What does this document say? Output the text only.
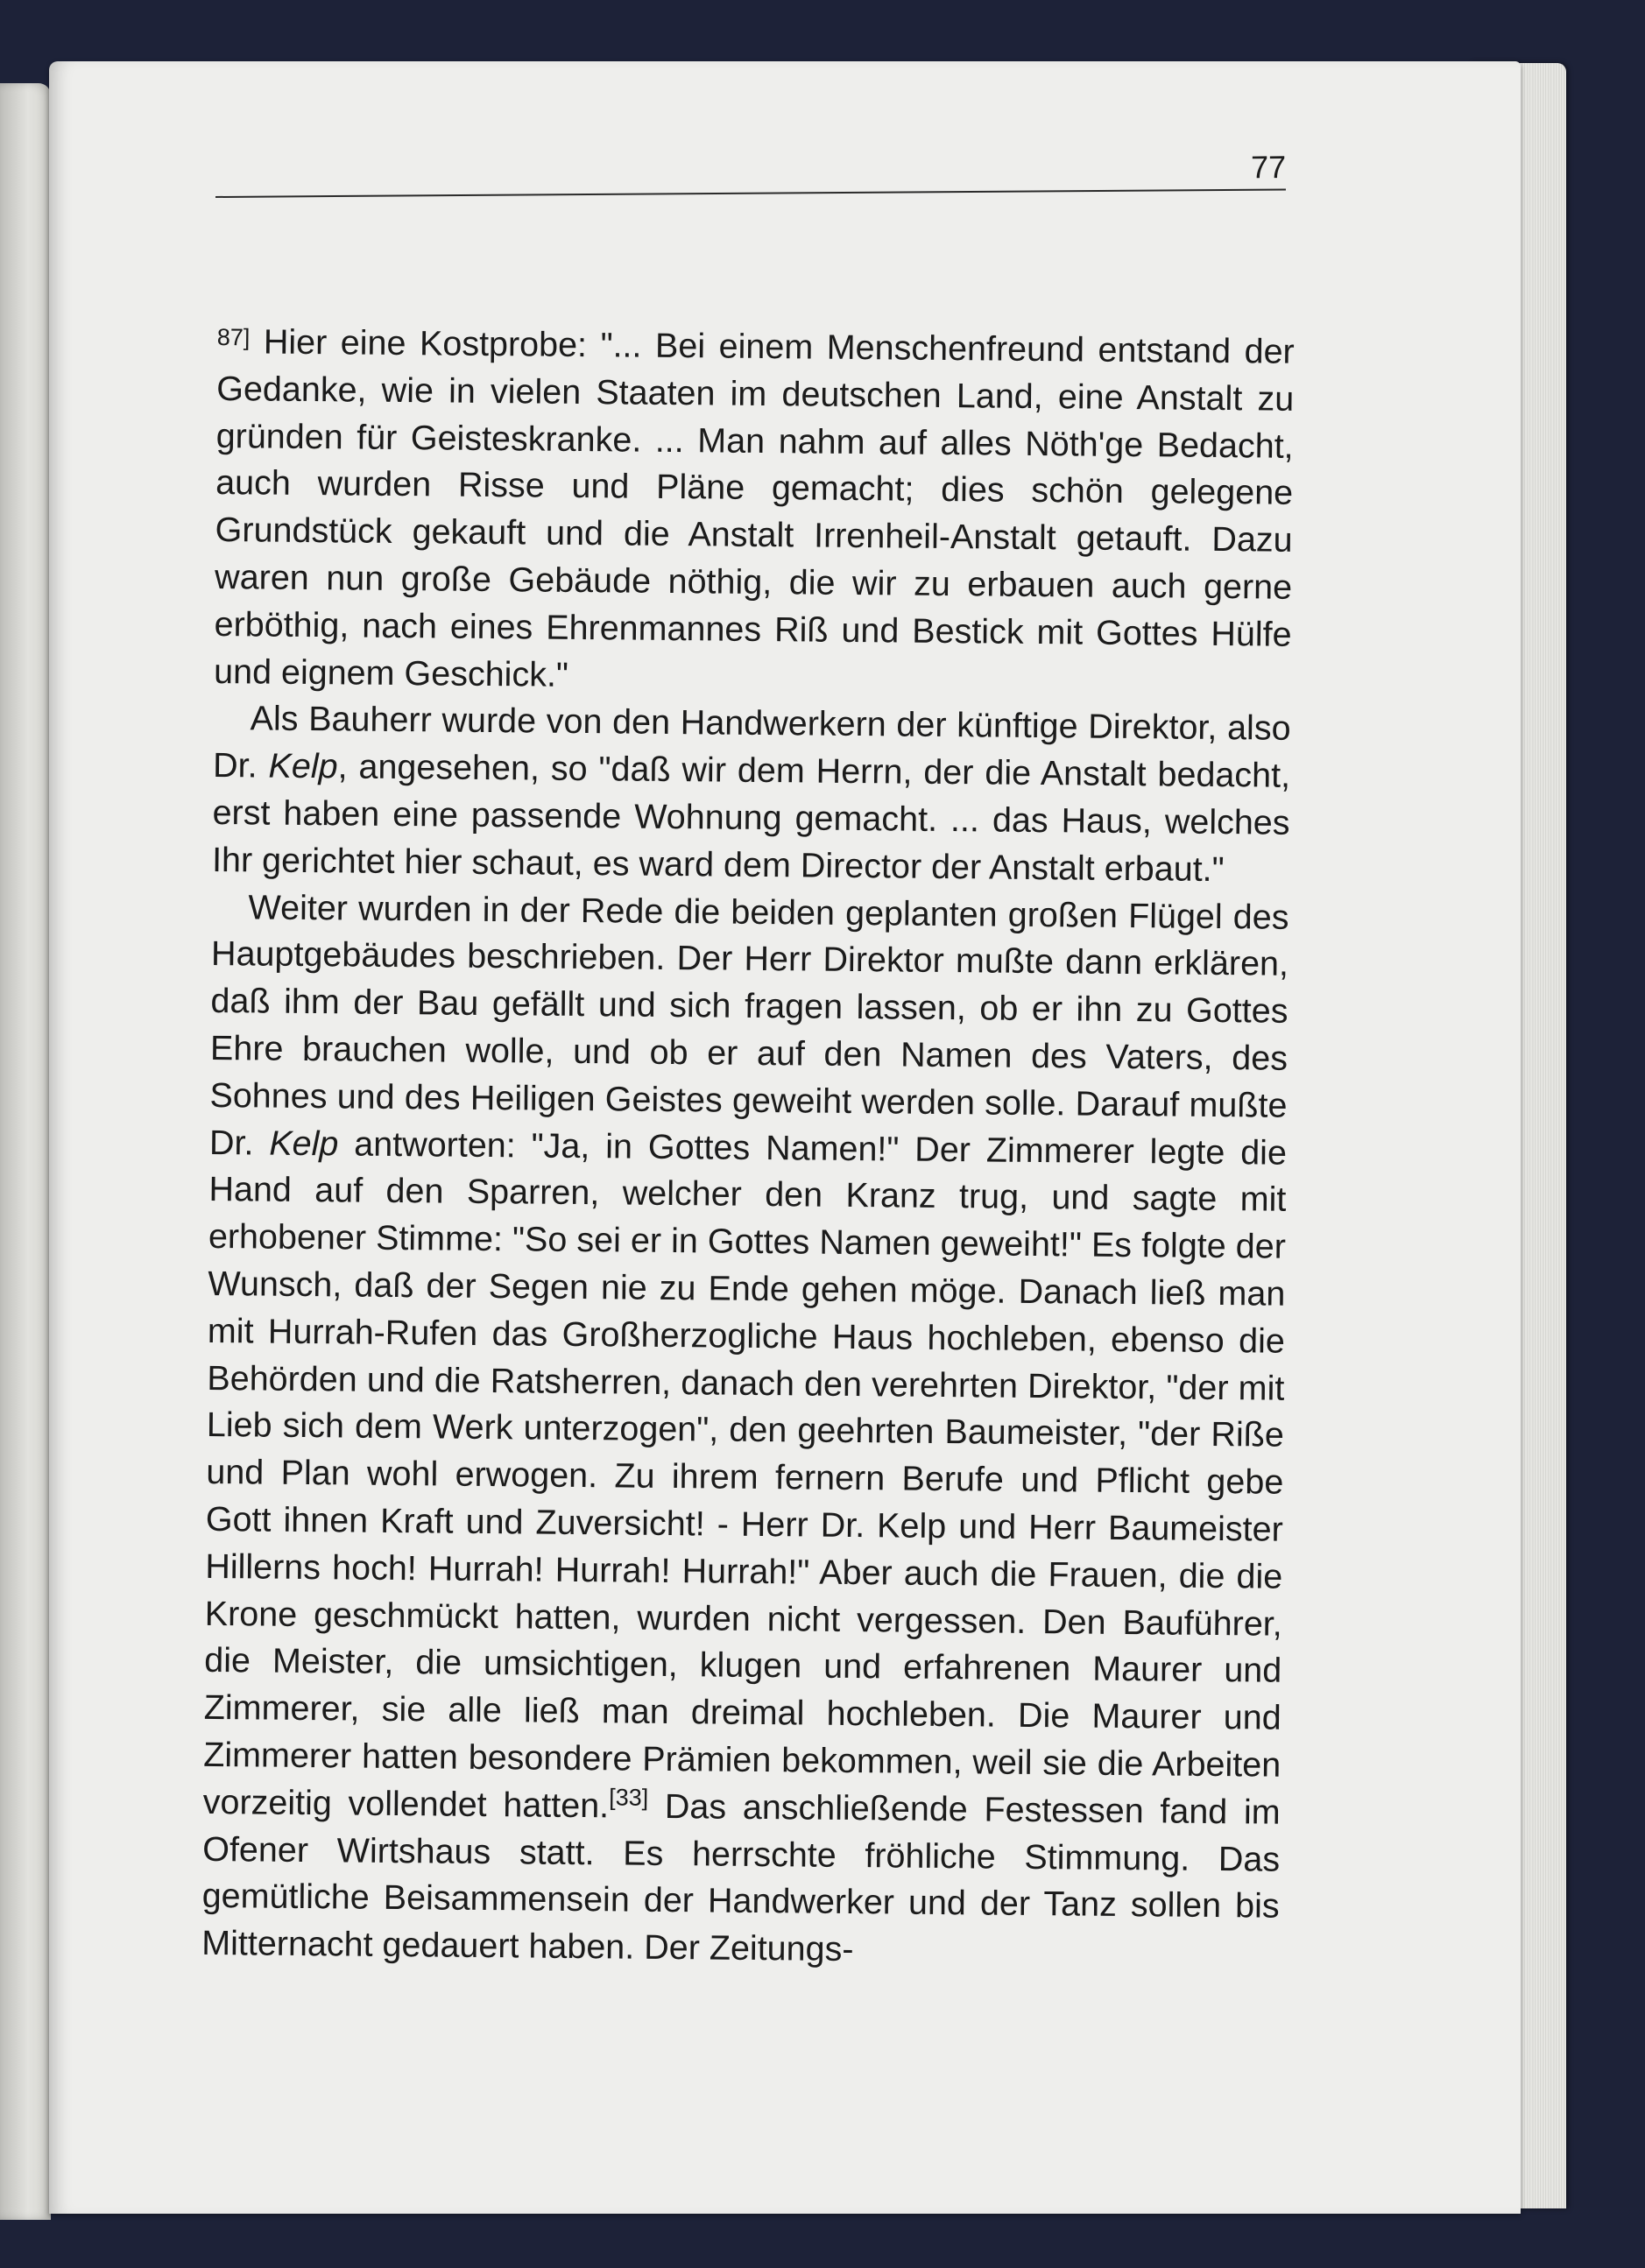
77

$^{87]}$ Hier eine Kostprobe: "... Bei einem Menschenfreund entstand der Gedanke, wie in vielen Staaten im deutschen Land, eine Anstalt zu gründen für Geisteskranke. ... Man nahm auf alles Nöth'ge Bedacht, auch wurden Risse und Pläne gemacht; dies schön gelegene Grundstück gekauft und die Anstalt Irrenheil-Anstalt getauft. Dazu waren nun große Gebäude nöthig, die wir zu erbauen auch gerne erböthig, nach eines Ehrenmannes Riß und Bestick mit Gottes Hülfe und eignem Geschick."

Als Bauherr wurde von den Handwerkern der künftige Direktor, also Dr. Kelp, angesehen, so "daß wir dem Herrn, der die Anstalt bedacht, erst haben eine passende Wohnung gemacht. ... das Haus, welches Ihr gerichtet hier schaut, es ward dem Director der Anstalt erbaut."

Weiter wurden in der Rede die beiden geplanten großen Flügel des Hauptgebäudes beschrieben. Der Herr Direktor mußte dann erklären, daß ihm der Bau gefällt und sich fragen lassen, ob er ihn zu Gottes Ehre brauchen wolle, und ob er auf den Namen des Vaters, des Sohnes und des Heiligen Geistes geweiht werden solle. Darauf mußte Dr. Kelp antworten: "Ja, in Gottes Namen!" Der Zimmerer legte die Hand auf den Sparren, welcher den Kranz trug, und sagte mit erhobener Stimme: "So sei er in Gottes Namen geweiht!" Es folgte der Wunsch, daß der Segen nie zu Ende gehen möge. Danach ließ man mit Hurrah-Rufen das Großherzogliche Haus hochleben, ebenso die Behörden und die Ratsherren, danach den verehrten Direktor, "der mit Lieb sich dem Werk unterzogen", den geehrten Baumeister, "der Riße und Plan wohl erwogen. Zu ihrem fernern Berufe und Pflicht gebe Gott ihnen Kraft und Zuversicht! - Herr Dr. Kelp und Herr Baumeister Hillerns hoch! Hurrah! Hurrah! Hurrah!" Aber auch die Frauen, die die Krone geschmückt hatten, wurden nicht vergessen. Den Bauführer, die Meister, die umsichtigen, klugen und erfahrenen Maurer und Zimmerer, sie alle ließ man dreimal hochleben. Die Maurer und Zimmerer hatten besondere Prämien bekommen, weil sie die Arbeiten vorzeitig vollendet hatten.[33] Das anschließende Festessen fand im Ofener Wirtshaus statt. Es herrschte fröhliche Stimmung. Das gemütliche Beisammensein der Handwerker und der Tanz sollen bis Mitternacht gedauert haben. Der Zeitungs-
